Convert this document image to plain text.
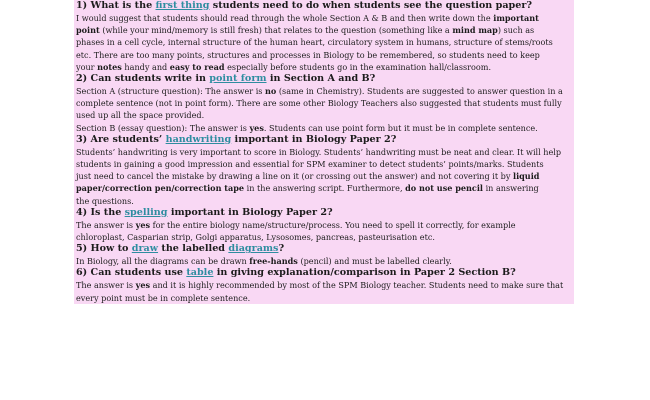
1) What is the first thing students need to do when students see the question paper?

I would suggest that students should read through the whole Section A & B and then write down the important

point (while your mind/memory is still fresh) that relates to the question (something like a mind map) such as

phases in a cell cycle, internal structure of the human heart, circulatory system in humans, structure of stems/roots

etc. There are too many points, structures and processes in Biology to be remembered, so students need to keep

your notes handy and easy to read especially before students go in the examination hall/classroom.

2) Can students write in point form in Section A and B?

Section A (structure question): The answer is no (same in Chemistry). Students are suggested to answer question in a

complete sentence (not in point form). There are some other Biology Teachers also suggested that students must fully

used up all the space provided.

Section B (essay question): The answer is yes. Students can use point form but it must be in complete sentence.

3) Are students’ handwriting important in Biology Paper 2?

Students’ handwriting is very important to score in Biology. Students’ handwriting must be neat and clear. It will help

students in gaining a good impression and essential for SPM examiner to detect students’ points/marks. Students

just need to cancel the mistake by drawing a line on it (or crossing out the answer) and not covering it by liquid

paper/correction pen/correction tape in the answering script. Furthermore, do not use pencil in answering

the questions.

4) Is the spelling important in Biology Paper 2?

The answer is yes for the entire biology name/structure/process. You need to spell it correctly, for example

chloroplast, Casparian strip, Golgi apparatus, Lysosomes, pancreas, pasteurisation etc.

5) How to draw the labelled diagrams?

In Biology, all the diagrams can be drawn free-hands (pencil) and must be labelled clearly.

6) Can students use table in giving explanation/comparison in Paper 2 Section B?

The answer is yes and it is highly recommended by most of the SPM Biology teacher. Students need to make sure that

every point must be in complete sentence.
